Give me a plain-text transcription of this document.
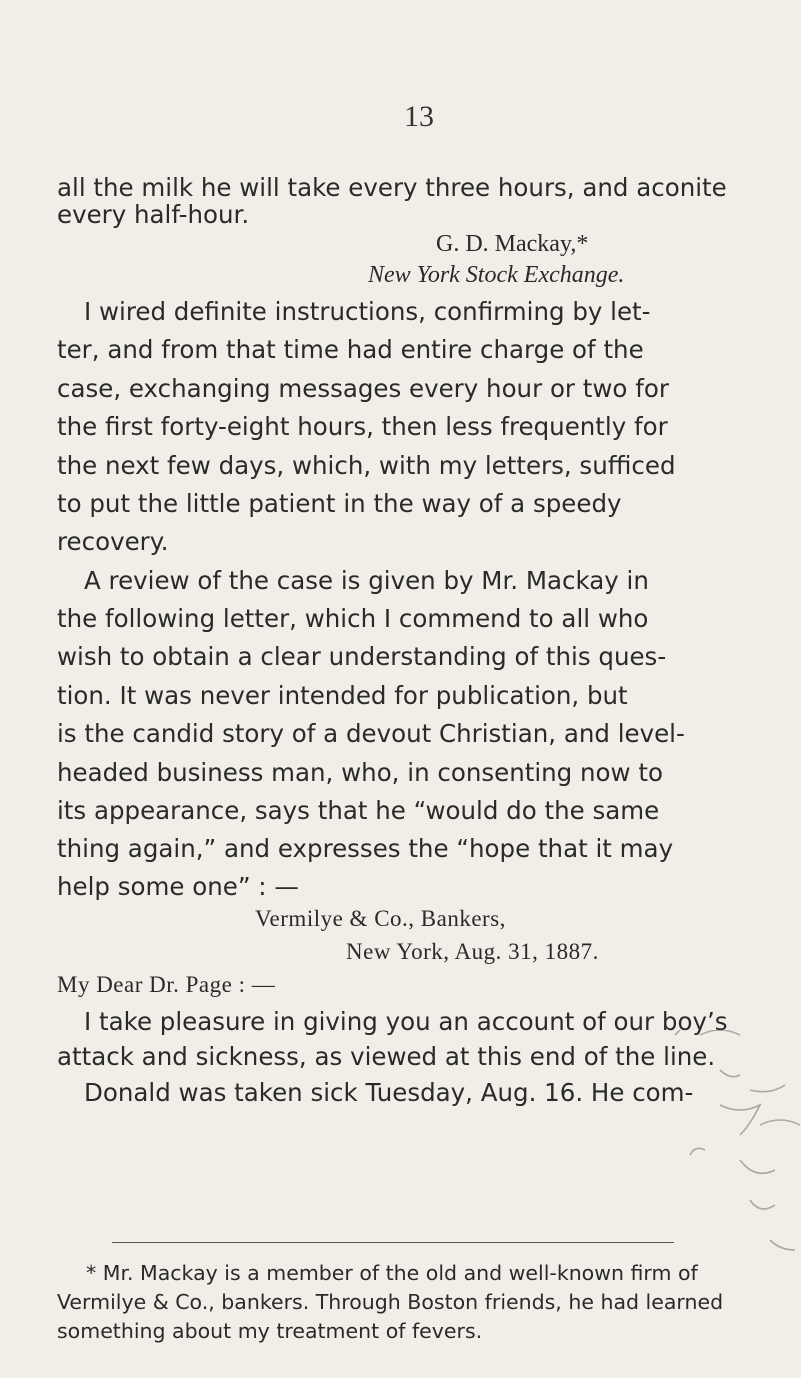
13
all the milk he will take every three hours, and aconite
every half-hour.
G. D. Mackay,*
New York Stock Exchange.
I wired definite instructions, confirming by let-
ter, and from that time had entire charge of the
case, exchanging messages every hour or two for
the first forty-eight hours, then less frequently for
the next few days, which, with my letters, sufficed
to put the little patient in the way of a speedy
recovery.
A review of the case is given by Mr. Mackay in
the following letter, which I commend to all who
wish to obtain a clear understanding of this ques-
tion. It was never intended for publication, but
is the candid story of a devout Christian, and level-
headed business man, who, in consenting now to
its appearance, says that he “would do the same
thing again,” and expresses the “hope that it may
help some one” : —
Vermilye & Co., Bankers,
New York, Aug. 31, 1887.
My Dear Dr. Page : —
I take pleasure in giving you an account of our boy’s
attack and sickness, as viewed at this end of the line.
Donald was taken sick Tuesday, Aug. 16. He com-
* Mr. Mackay is a member of the old and well-known firm of
Vermilye & Co., bankers. Through Boston friends, he had learned
something about my treatment of fevers.
